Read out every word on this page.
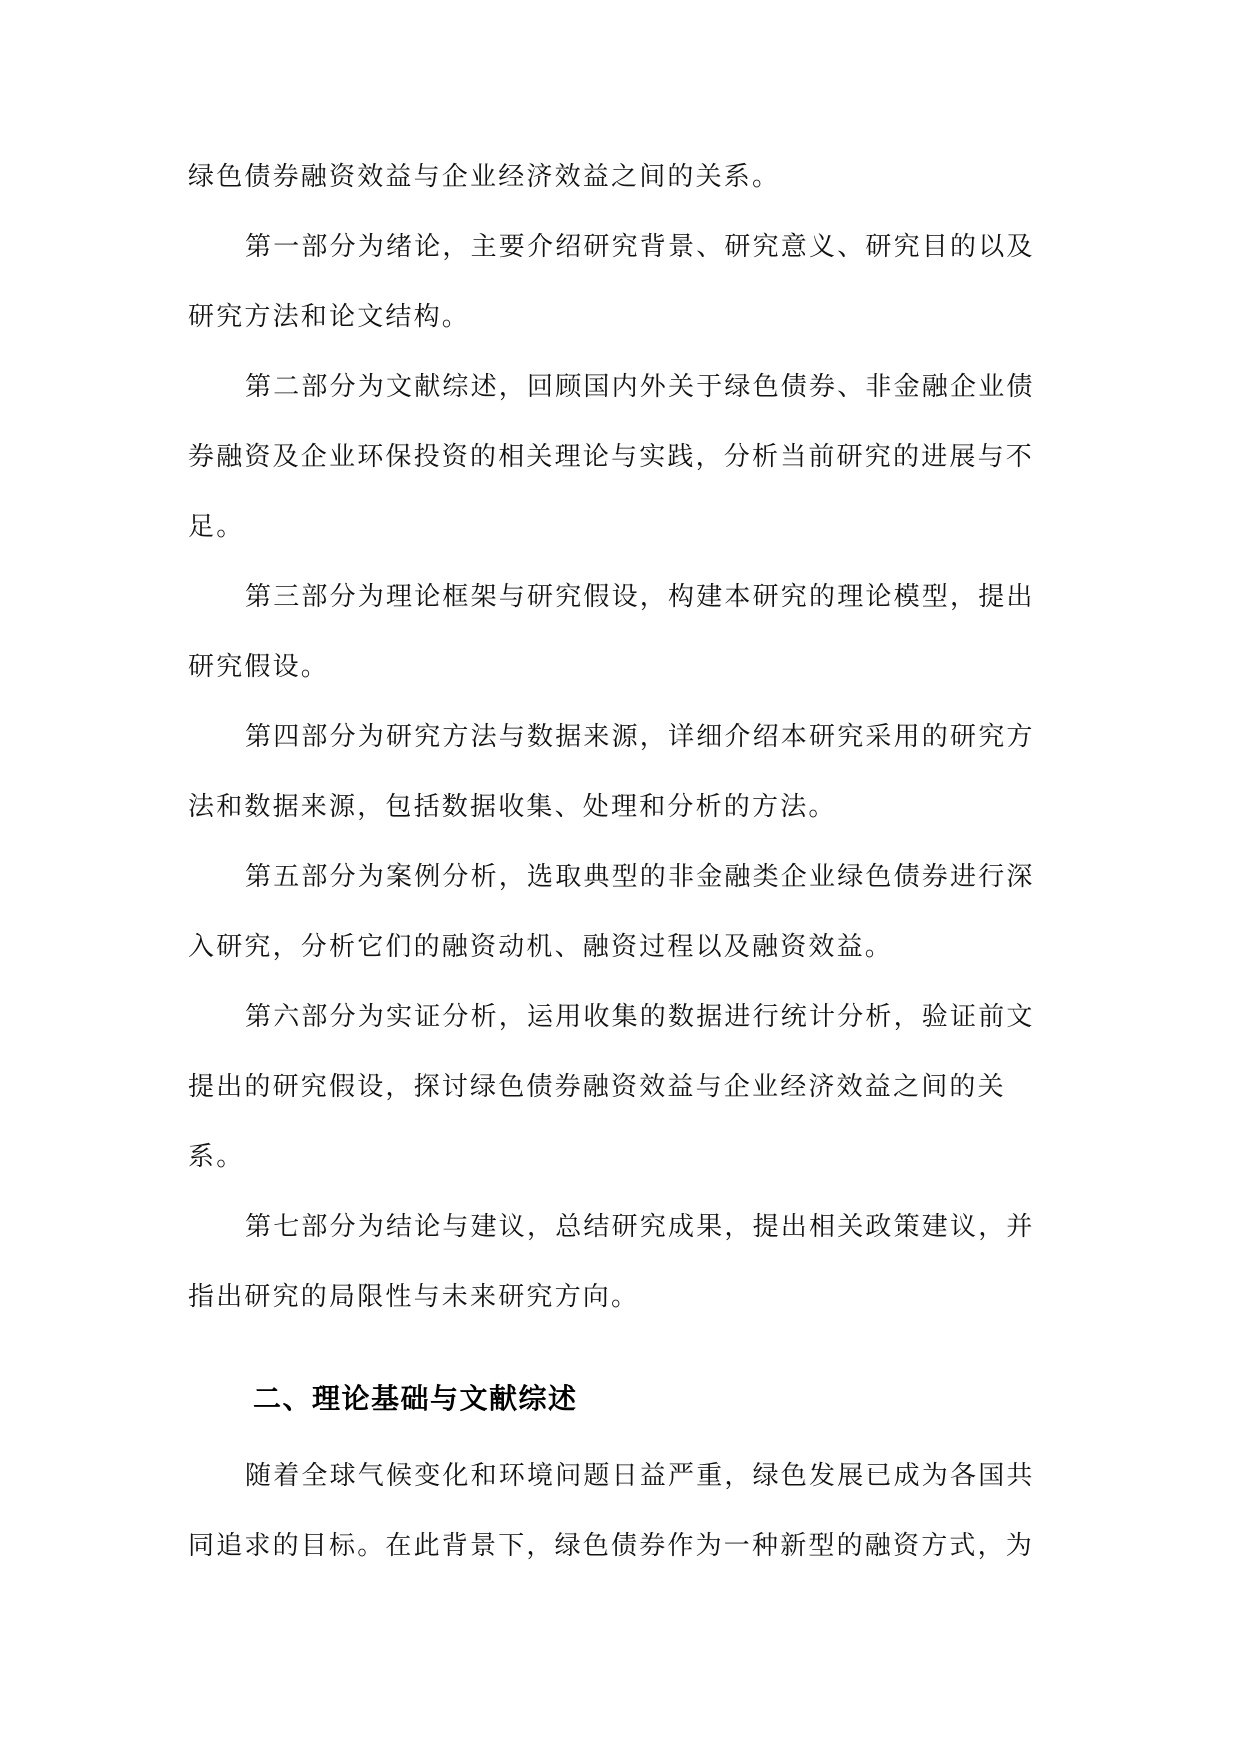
绿色债券融资效益与企业经济效益之间的关系。

第一部分为绪论，主要介绍研究背景、研究意义、研究目的以及研究方法和论文结构。

第二部分为文献综述，回顾国内外关于绿色债券、非金融企业债券融资及企业环保投资的相关理论与实践，分析当前研究的进展与不足。

第三部分为理论框架与研究假设，构建本研究的理论模型，提出研究假设。

第四部分为研究方法与数据来源，详细介绍本研究采用的研究方法和数据来源，包括数据收集、处理和分析的方法。

第五部分为案例分析，选取典型的非金融类企业绿色债券进行深入研究，分析它们的融资动机、融资过程以及融资效益。

第六部分为实证分析，运用收集的数据进行统计分析，验证前文提出的研究假设，探讨绿色债券融资效益与企业经济效益之间的关系。

第七部分为结论与建议，总结研究成果，提出相关政策建议，并指出研究的局限性与未来研究方向。

二、理论基础与文献综述

随着全球气候变化和环境问题日益严重，绿色发展已成为各国共同追求的目标。在此背景下，绿色债券作为一种新型的融资方式，为
